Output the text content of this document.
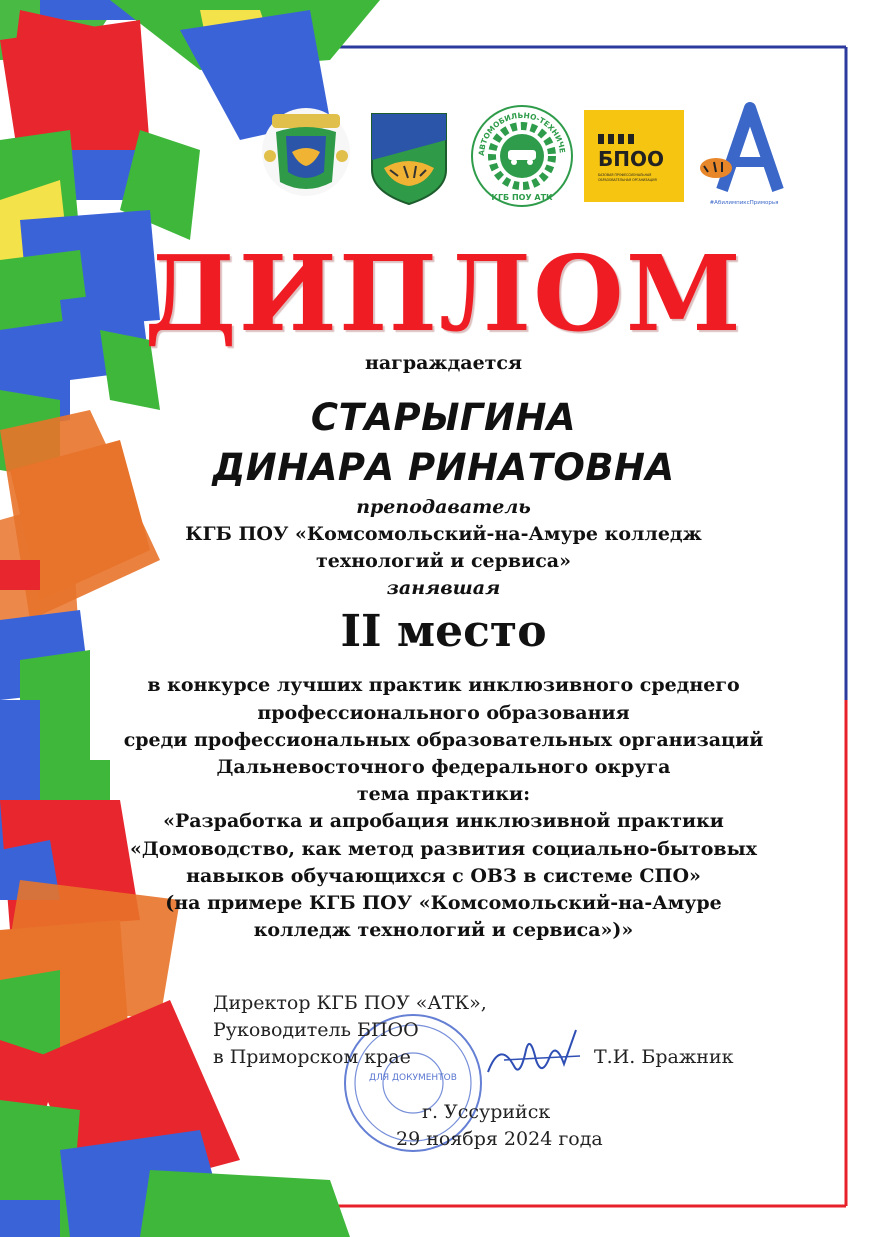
АВТОМОБИЛЬНО-ТЕХНИЧЕ
КГБ ПОУ АТК
БПОО
БАЗОВАЯ ПРОФЕССИОНАЛЬНАЯ
ОБРАЗОВАТЕЛЬНАЯ ОРГАНИЗАЦИЯ
#АбилимпиксПриморья
ДИПЛОМ
награждается
СТАРЫГИНА
ДИНАРА РИНАТОВНА
преподаватель
КГБ ПОУ «Комсомольский-на-Амуре колледж
технологий и сервиса»
занявшая
II место
в конкурсе лучших практик инклюзивного среднего
профессионального образования
среди профессиональных образовательных организаций
Дальневосточного федерального округа
тема практики:
«Разработка и апробация инклюзивной практики
«Домоводство, как метод развития социально-бытовых
навыков обучающихся с ОВЗ в системе СПО»
(на примере КГБ ПОУ «Комсомольский-на-Амуре
колледж технологий и сервиса»)»
ДЛЯ ДОКУМЕНТОВ
Директор КГБ ПОУ «АТК»,
Руководитель БПОО
в Приморском крае	Т.И. Бражник
г. Уссурийск
29 ноября 2024 года
